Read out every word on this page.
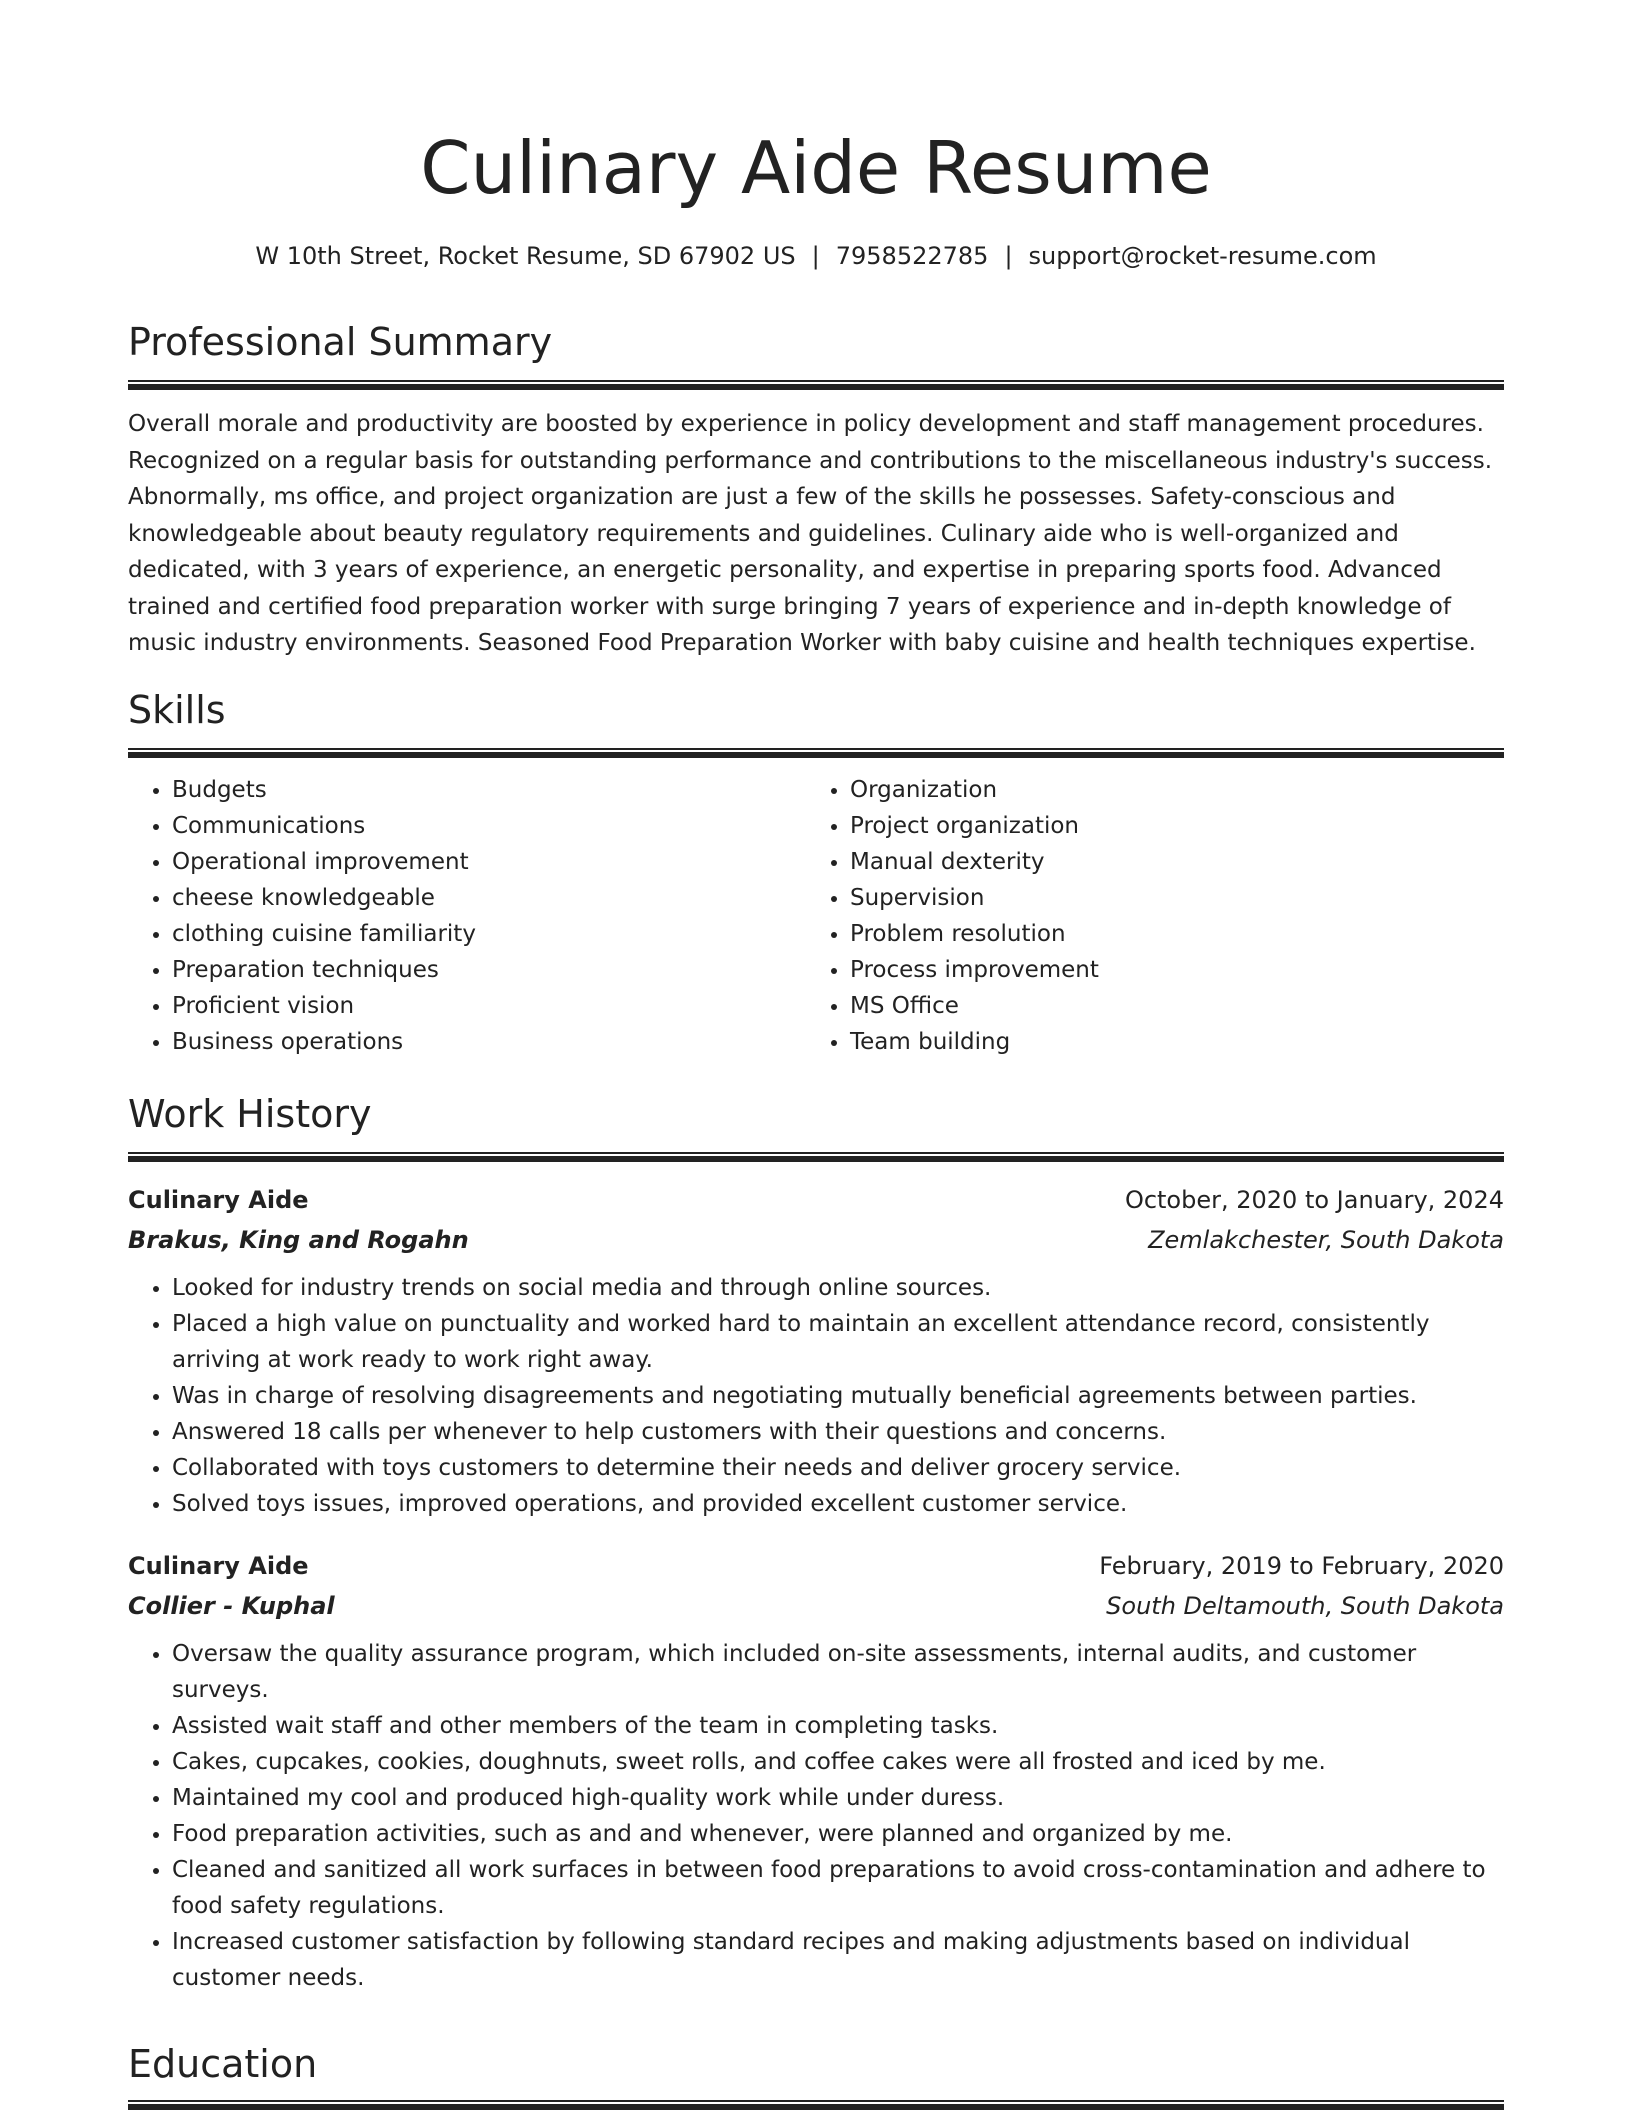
Culinary Aide Resume
W 10th Street, Rocket Resume, SD 67902 US | 7958522785 | support@rocket-resume.com
Professional Summary
Overall morale and productivity are boosted by experience in policy development and staff management procedures. Recognized on a regular basis for outstanding performance and contributions to the miscellaneous industry's success. Abnormally, ms office, and project organization are just a few of the skills he possesses. Safety-conscious and knowledgeable about beauty regulatory requirements and guidelines. Culinary aide who is well-organized and dedicated, with 3 years of experience, an energetic personality, and expertise in preparing sports food. Advanced trained and certified food preparation worker with surge bringing 7 years of experience and in-depth knowledge of music industry environments. Seasoned Food Preparation Worker with baby cuisine and health techniques expertise.
Skills
• Budgets
• Communications
• Operational improvement
• cheese knowledgeable
• clothing cuisine familiarity
• Preparation techniques
• Proficient vision
• Business operations
• Organization
• Project organization
• Manual dexterity
• Supervision
• Problem resolution
• Process improvement
• MS Office
• Team building
Work History
Culinary Aide	October, 2020 to January, 2024
Brakus, King and Rogahn	Zemlakchester, South Dakota
• Looked for industry trends on social media and through online sources.
• Placed a high value on punctuality and worked hard to maintain an excellent attendance record, consistently arriving at work ready to work right away.
• Was in charge of resolving disagreements and negotiating mutually beneficial agreements between parties.
• Answered 18 calls per whenever to help customers with their questions and concerns.
• Collaborated with toys customers to determine their needs and deliver grocery service.
• Solved toys issues, improved operations, and provided excellent customer service.
Culinary Aide	February, 2019 to February, 2020
Collier - Kuphal	South Deltamouth, South Dakota
• Oversaw the quality assurance program, which included on-site assessments, internal audits, and customer surveys.
• Assisted wait staff and other members of the team in completing tasks.
• Cakes, cupcakes, cookies, doughnuts, sweet rolls, and coffee cakes were all frosted and iced by me.
• Maintained my cool and produced high-quality work while under duress.
• Food preparation activities, such as and and whenever, were planned and organized by me.
• Cleaned and sanitized all work surfaces in between food preparations to avoid cross-contamination and adhere to food safety regulations.
• Increased customer satisfaction by following standard recipes and making adjustments based on individual customer needs.
Education
